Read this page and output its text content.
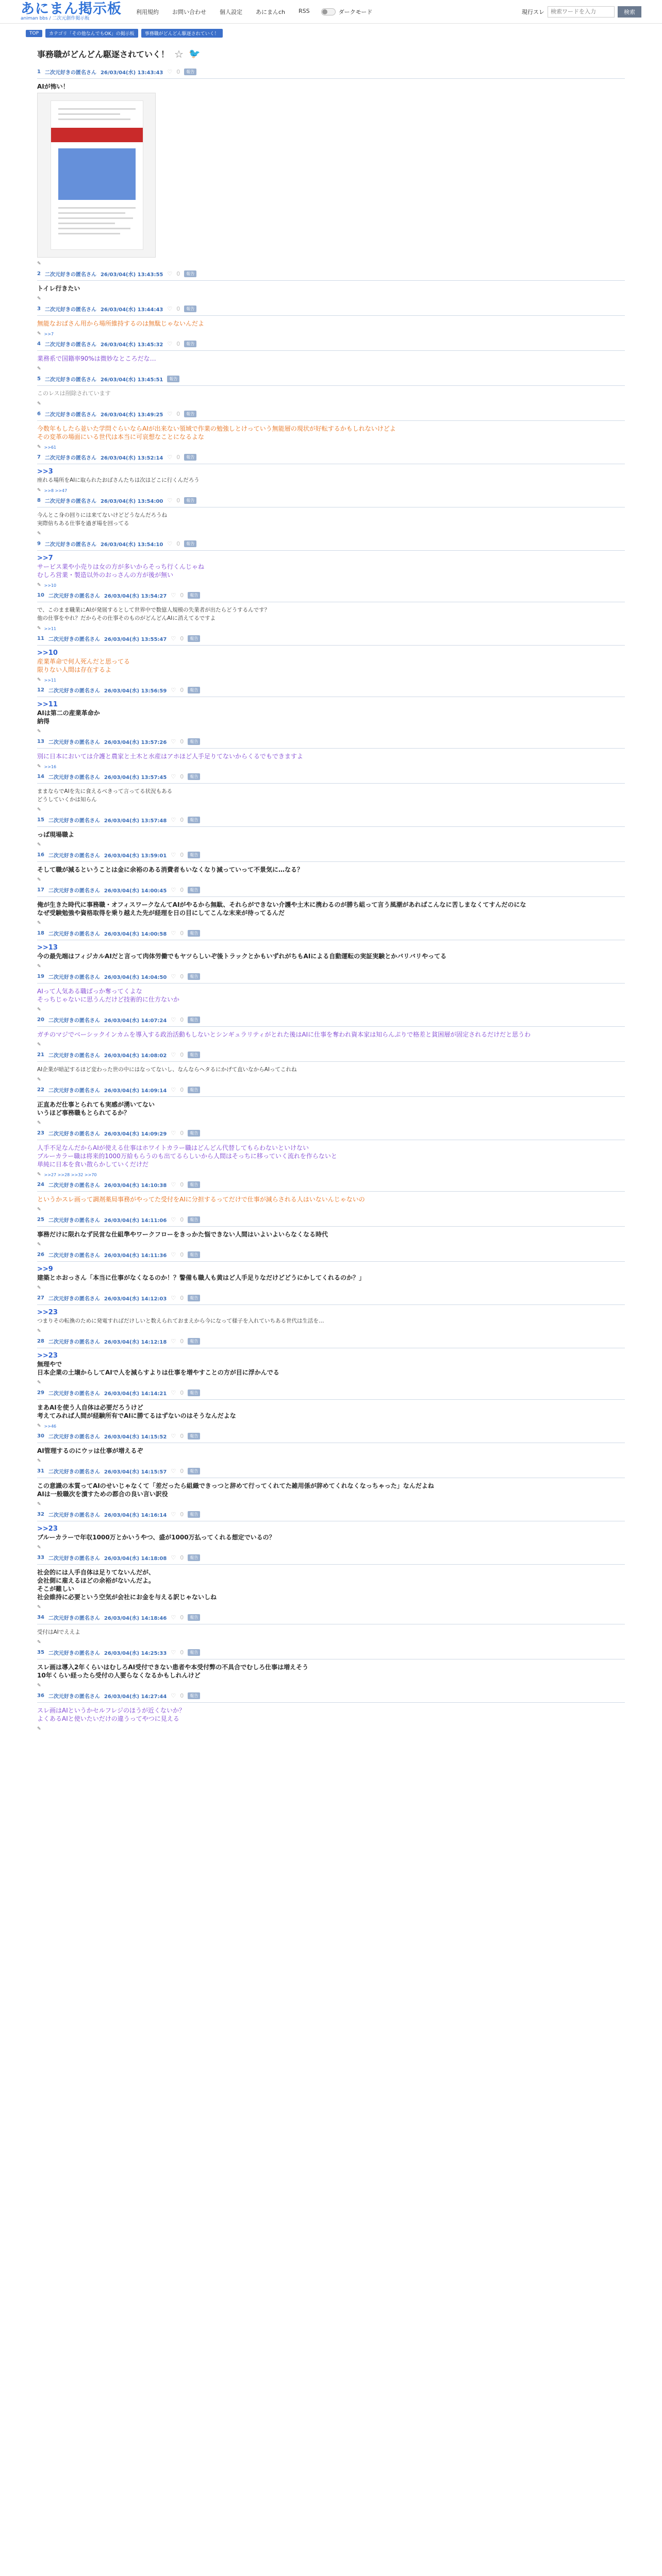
あにまん掲示板
animan bbs / 二次元創作掲示板
利用規約 お問い合わせ 個人設定 あにまんch RSS	ダークモード	現行スレ
検索ワードを入力	検索
TOP	カテゴリ「その他なんでもOK」の掲示板	事務職がどんどん駆逐されていく！
事務職がどんどん駆逐されていく！ ☆ 🐦
1 二次元好きの匿名さん 26/03/04(水) 13:43:43 ♡ 0	報告
AIが怖い！
✎
2 二次元好きの匿名さん 26/03/04(水) 13:43:55 ♡ 0	報告
トイレ行きたい
✎
3 二次元好きの匿名さん 26/03/04(水) 13:44:43 ♡ 0	報告
無能なおばさん用から場所維持するのは無駄じゃないんだよ
✎ >>7
4 二次元好きの匿名さん 26/03/04(水) 13:45:32 ♡ 0	報告
業務系で国籍率90%は微妙なところだな…
✎
5 二次元好きの匿名さん 26/03/04(水) 13:45:51	報告
このレスは削除されています
✎
6 二次元好きの匿名さん 26/03/04(水) 13:49:25 ♡ 0	報告
今数年もしたら並いた学問ぐらいならAIが出来ない領域で作業の勉強しとけっていう無能層の現状が好転するかもしれないけどよ
その変革の場面にいる世代は本当に可哀想なことになるよな
✎ >>61
7 二次元好きの匿名さん 26/03/04(水) 13:52:14 ♡ 0	報告
>>3
座れる場所をAIに取られたおばさんたちは次はどこに行くんだろう
✎ >>8 >>47
8 二次元好きの匿名さん 26/03/04(水) 13:54:00 ♡ 0	報告
今んとこ身の回りには来てないけどどうなんだろうね
実際倍ちある仕事を過ぎ場を回ってる
✎
9 二次元好きの匿名さん 26/03/04(水) 13:54:10 ♡ 0	報告
>>7
サービス業や小売りは女の方が多いからそっち行くんじゃね
むしろ営業・製造以外のおっさんの方が後が無い
✎ >>10
10 二次元好きの匿名さん 26/03/04(水) 13:54:27 ♡ 0	報告
で、このまま職業にAIが発展するとして世界中で数億人規模の失業者が出たらどうするんです？
他の仕事をやれ？だからその仕事そのものがどんどんAIに消えてるですよ
✎ >>11
11 二次元好きの匿名さん 26/03/04(水) 13:55:47 ♡ 0	報告
>>10
産業革命で何人死んだと思ってる
限りない人間は存在するよ
✎ >>11
12 二次元好きの匿名さん 26/03/04(水) 13:56:59 ♡ 0	報告
>>11
AIは第二の産業革命か
納得
✎
13 二次元好きの匿名さん 26/03/04(水) 13:57:26 ♡ 0	報告
別に日本においては介護と農家と土木と水産はアホほど人手足りてないからくるでもできますよ
✎ >>16
14 二次元好きの匿名さん 26/03/04(水) 13:57:45 ♡ 0	報告
ままならでAIを先に食えるべきって言ってる状況もある
どうしていくかは知らん
✎
15 二次元好きの匿名さん 26/03/04(水) 13:57:48 ♡ 0	報告
っぱ現場職よ
✎
16 二次元好きの匿名さん 26/03/04(水) 13:59:01 ♡ 0	報告
そして職が減るということは金に余裕のある消費者もいなくなり減っていって不景気に…なる？
✎
17 二次元好きの匿名さん 26/03/04(水) 14:00:45 ♡ 0	報告
俺が生きた時代に事務職・オフィスワークなんてAIがやるから無駄、それらができない介護や土木に携わるのが勝ち組って言う風潮があればこんなに苦しまなくてすんだのにな
なぜ受験勉強や資格取得を乗り越えた先が経理を日の目にしてこんな末来が待ってるんだ
✎
18 二次元好きの匿名さん 26/03/04(水) 14:00:58 ♡ 0	報告
>>13
今の最先端はフィジカルAIだと言って肉体労働でもヤツらしいぞ後トラックとかもいずれがちもAIによる自動運転の実証実験とかバリバリやってる
✎
19 二次元好きの匿名さん 26/03/04(水) 14:04:50 ♡ 0	報告
AIって人気ある職ばっか奪ってくよな
そっちじゃないに思うんだけど技術的に仕方ないか
✎
20 二次元好きの匿名さん 26/03/04(水) 14:07:24 ♡ 0	報告
ガチのマジでベーシックインカムを導入する政治活動もしないとシンギュラリティがとれた後はAIに仕事を奪われ資本家は知らんぷりで格差と貧困層が固定されるだけだと思うわ
✎
21 二次元好きの匿名さん 26/03/04(水) 14:08:02 ♡ 0	報告
AI企業が暗記するほど変わった世の中にはなってないし、なんならヘタるにかげて直いなからAIってこれね
✎
22 二次元好きの匿名さん 26/03/04(水) 14:09:14 ♡ 0	報告
正直あだ仕事とられても実感が湧いてない
いうほど事務職もとられてるか？
✎
23 二次元好きの匿名さん 26/03/04(水) 14:09:29 ♡ 0	報告
人手不足なんだからAIが使える仕事はホワイトカラー職はどんどん代替してもらわないといけない
ブルーカラー職は将来的1000万給もらうのも出てるらしいから人間はそっちに移っていく流れを作らないと
単純に日本を食い散らかしていくだけだ
✎ >>27 >>28 >>32 >>70
24 二次元好きの匿名さん 26/03/04(水) 14:10:38 ♡ 0	報告
というかスレ画って調剤薬局事務がやってた受付をAIに分担するってだけで仕事が減らされる人はいないんじゃないの
✎
25 二次元好きの匿名さん 26/03/04(水) 14:11:06 ♡ 0	報告
事務だけに限れなず民営な仕組準やワークフローをきっかた悩できない人間はいよいよいらなくなる時代
✎
26 二次元好きの匿名さん 26/03/04(水) 14:11:36 ♡ 0	報告
>>9
建築とホおっさん「本当に仕事がなくなるのか！？警備も職人も黄はど人手足りなだけどどうにかしてくれるのか？」
✎
27 二次元好きの匿名さん 26/03/04(水) 14:12:03 ♡ 0	報告
>>23
つまりその転換のために発電すればだけしいと数えられておまえから今になって様子を入れていちある世代は生活を…
✎
28 二次元好きの匿名さん 26/03/04(水) 14:12:18 ♡ 0	報告
>>23
無理やで
日本企業の土壌からしてAIで人を減らすよりは仕事を増やすことの方が目に浮かんでる
✎
29 二次元好きの匿名さん 26/03/04(水) 14:14:21 ♡ 0	報告
まあAIを使う人自体は必要だろうけど
考えてみれば人間が経験所有でAIに勝てるはずないのはそうなんだよな
✎ >>46
30 二次元好きの匿名さん 26/03/04(水) 14:15:52 ♡ 0	報告
AI管理するのにウッは仕事が増えるぞ
✎
31 二次元好きの匿名さん 26/03/04(水) 14:15:57 ♡ 0	報告
この意識の本質ってAIのせいじゃなくて「差だったら組織できっつと辞めて行ってくれてた雑用係が辞めてくれなくなっちゃった」なんだよね
AIは一般職次を潰すための都合の良い言い訳役
✎
32 二次元好きの匿名さん 26/03/04(水) 14:16:14 ♡ 0	報告
>>23
ブルーカラーで年収1000万とかいうやつ、盛が1000万払ってくれる想定でいるの？
✎
33 二次元好きの匿名さん 26/03/04(水) 14:18:08 ♡ 0	報告
社会的には人手自体は足りてないんだが、
会社側に雇えるほどの余裕がないんだよ。
そこが難しい
社会維持に必要という空気が会社にお金を与える訳じゃないしね
✎
34 二次元好きの匿名さん 26/03/04(水) 14:18:46 ♡ 0	報告
受付はAIでええよ
✎
35 二次元好きの匿名さん 26/03/04(水) 14:25:33 ♡ 0	報告
スレ画は導入2年くらいはむしろAI受付できない患者や本受付弊の不具合でむしろ仕事は増えそう
10年くらい経ったら受付の人要らなくなるかもしれんけど
✎
36 二次元好きの匿名さん 26/03/04(水) 14:27:44 ♡ 0	報告
スレ画はAIというかセルフレジのほうが近くないか？
よくあるAIと使いたいだけの違うってやつに見える
✎
